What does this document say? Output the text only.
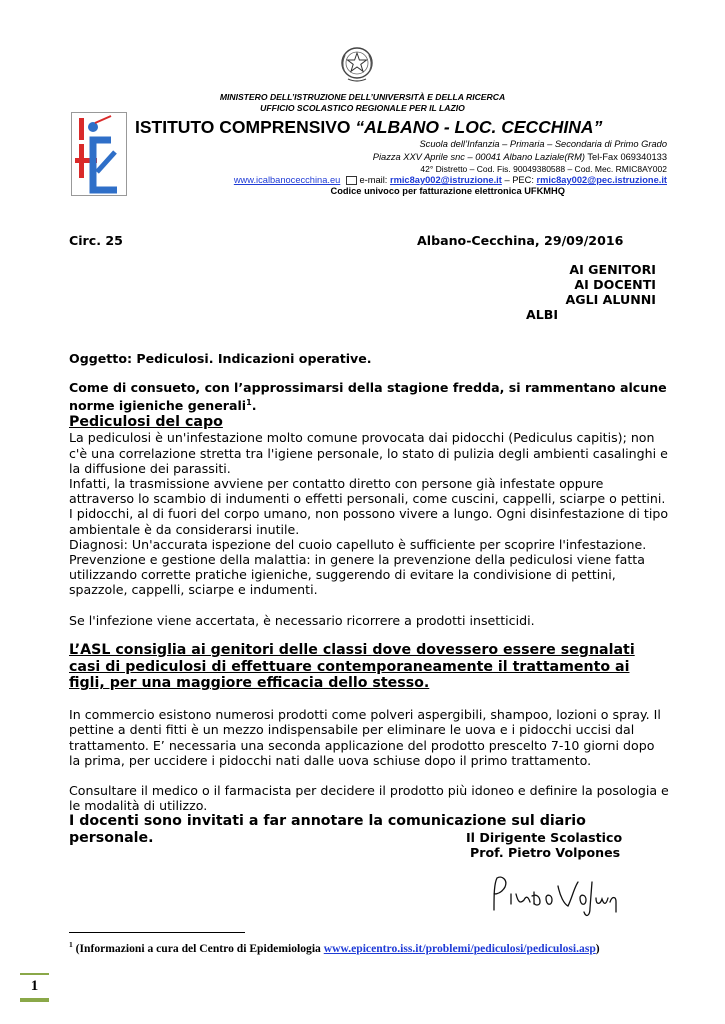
MINISTERO DELL’ISTRUZIONE DELL’UNIVERSITÀ E DELLA RICERCA
UFFICIO SCOLASTICO REGIONALE PER IL LAZIO
ISTITUTO COMPRENSIVO “ALBANO - LOC. CECCHINA”
Scuola dell’Infanzia – Primaria – Secondaria di Primo Grado
Piazza XXV Aprile snc – 00041 Albano Laziale(RM) Tel-Fax 069340133
42° Distretto – Cod. Fis. 90049380588 – Cod. Mec. RMIC8AY002
www.icalbanocecchina.eu  e-mail: rmic8ay002@istruzione.it – PEC: rmic8ay002@pec.istruzione.it
Codice univoco per fatturazione elettronica UFKMHQ
Circ. 25	Albano-Cecchina, 29/09/2016
AI GENITORI
AI DOCENTI
AGLI ALUNNI
ALBI
Oggetto: Pediculosi. Indicazioni operative.

Come di consueto, con l’approssimarsi della stagione fredda, si rammentano alcune norme igieniche generali$^1$.

Pediculosi del capo

La pediculosi è un'infestazione molto comune provocata dai pidocchi (Pediculus capitis); non c'è una correlazione stretta tra l'igiene personale, lo stato di pulizia degli ambienti casalinghi e la diffusione dei parassiti.

Infatti, la trasmissione avviene per contatto diretto con persone già infestate oppure attraverso lo scambio di indumenti o effetti personali, come cuscini, cappelli, sciarpe o pettini.

I pidocchi, al di fuori del corpo umano, non possono vivere a lungo. Ogni disinfestazione di tipo ambientale è da considerarsi inutile.

Diagnosi: Un'accurata ispezione del cuoio capelluto è sufficiente per scoprire l'infestazione.

Prevenzione e gestione della malattia: in genere la prevenzione della pediculosi viene fatta utilizzando corrette pratiche igieniche, suggerendo di evitare la condivisione di pettini, spazzole, cappelli, sciarpe e indumenti.

Se l'infezione viene accertata, è necessario ricorrere a prodotti insetticidi.

L’ASL consiglia ai genitori delle classi dove dovessero essere segnalati casi di pediculosi di effettuare contemporaneamente il trattamento ai figli, per una maggiore efficacia dello stesso.

In commercio esistono numerosi prodotti come polveri aspergibili, shampoo, lozioni o spray. Il pettine a denti fitti è un mezzo indispensabile per eliminare le uova e i pidocchi uccisi dal trattamento. E’ necessaria una seconda applicazione del prodotto prescelto 7-10 giorni dopo la prima, per uccidere i pidocchi nati dalle uova schiuse dopo il primo trattamento.

Consultare il medico o il farmacista per decidere il prodotto più idoneo e definire la posologia e le modalità di utilizzo.

I docenti sono invitati a far annotare la comunicazione sul diario personale.	Il Dirigente Scolastico
Prof. Pietro Volpones
$^1$ (Informazioni a cura del Centro di Epidemiologia www.epicentro.iss.it/problemi/pediculosi/pediculosi.asp)
1
